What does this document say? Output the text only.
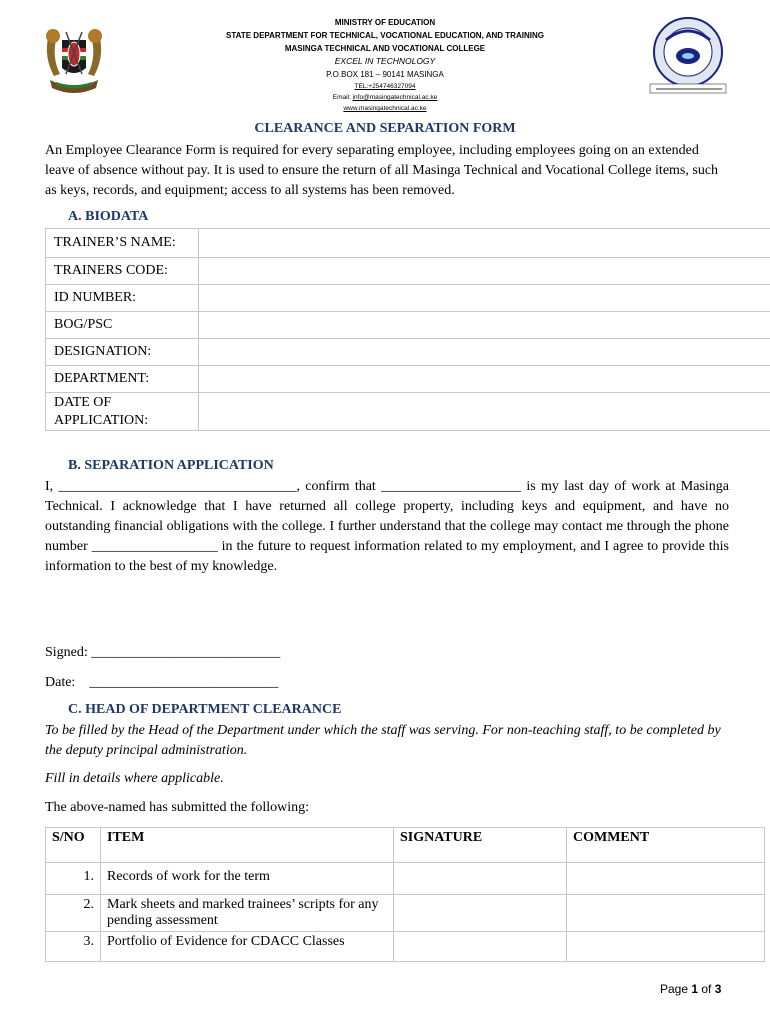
MINISTRY OF EDUCATION
STATE DEPARTMENT FOR TECHNICAL, VOCATIONAL EDUCATION, AND TRAINING
MASINGA TECHNICAL AND VOCATIONAL COLLEGE
EXCEL IN TECHNOLOGY
P.O.BOX 181 – 90141 MASINGA
TEL:+254746327094
Email: info@masingatechnical.ac.ke
www.masingatechnical.ac.ke
CLEARANCE AND SEPARATION FORM
An Employee Clearance Form is required for every separating employee, including employees going on an extended leave of absence without pay. It is used to ensure the return of all Masinga Technical and Vocational College items, such as keys, records, and equipment; access to all systems has been removed.
A. BIODATA
TRAINER’S NAME:	
TRAINERS CODE:	
ID NUMBER:	
BOG/PSC	
DESIGNATION:	
DEPARTMENT:	
DATE OF APPLICATION:	
B. SEPARATION APPLICATION
I, __________________________________, confirm that ____________________ is my last day of work at Masinga Technical. I acknowledge that I have returned all college property, including keys and equipment, and have no outstanding financial obligations with the college. I further understand that the college may contact me through the phone number __________________ in the future to request information related to my employment, and I agree to provide this information to the best of my knowledge.
Signed: ___________________________
Date:    ___________________________
C. HEAD OF DEPARTMENT CLEARANCE
To be filled by the Head of the Department under which the staff was serving. For non-teaching staff, to be completed by the deputy principal administration.
Fill in details where applicable.
The above-named has submitted the following:
S/NO	ITEM	SIGNATURE	COMMENT
1.	Records of work for the term		
2.	Mark sheets and marked trainees’ scripts for any pending assessment		
3.	Portfolio of Evidence for CDACC Classes		
Page 1 of 3
